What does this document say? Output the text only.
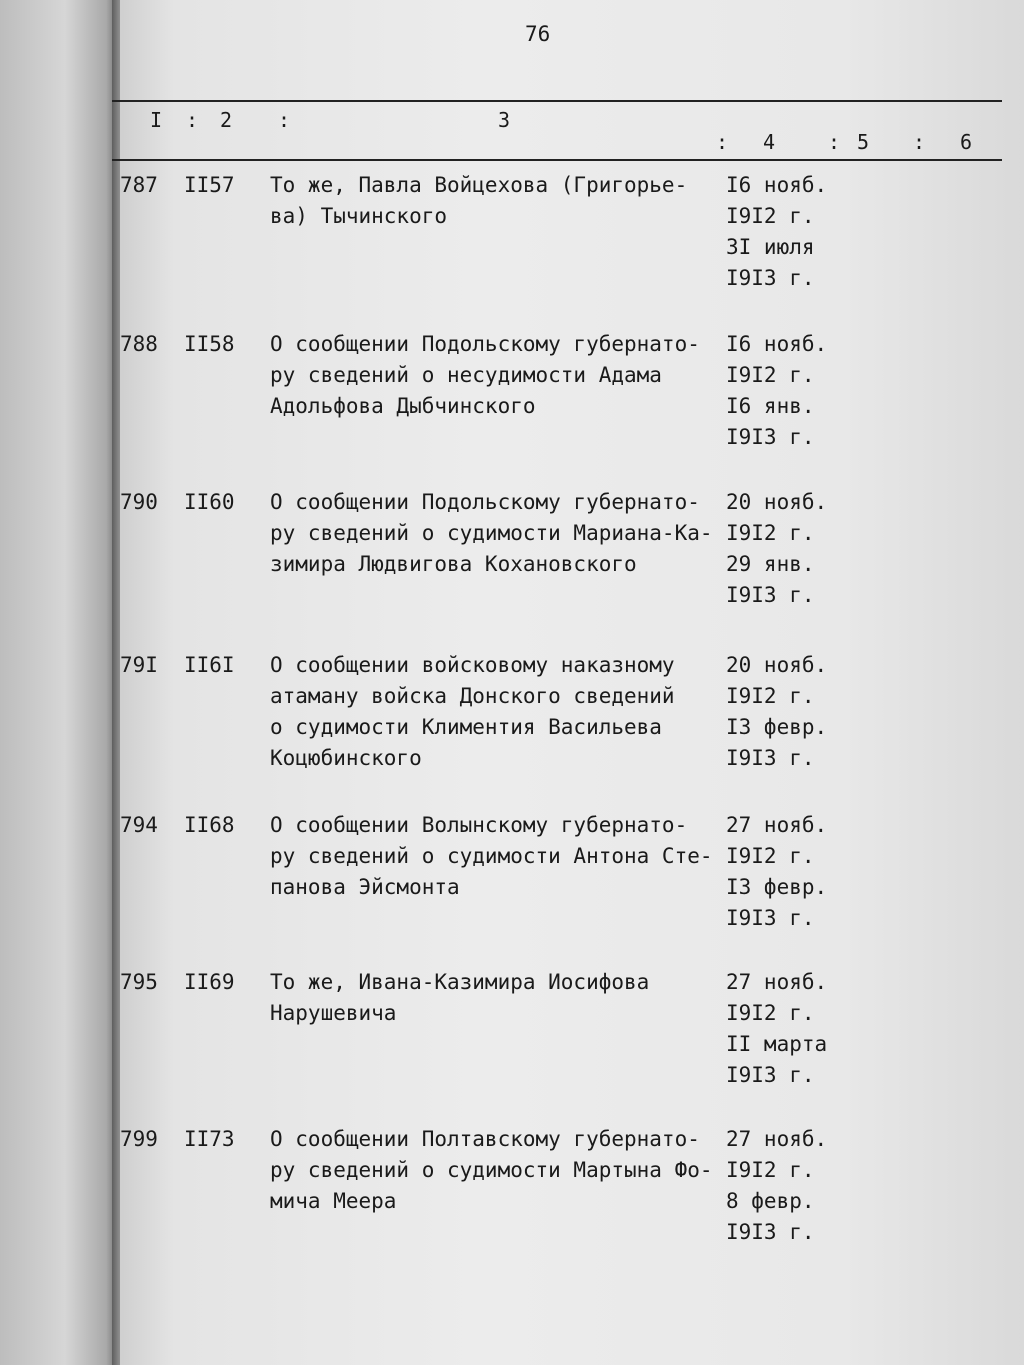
76
I : 2 :	3
: 4	: 5 : 6
787 II57 То же, Павла Войцехова (Григорье-
ва) Тычинского
I6 нояб.
I9I2 г.
3I июля
I9I3 г.
788 II58 О сообщении Подольскому губернато-
ру сведений о несудимости Адама
Адольфова Дыбчинского
I6 нояб.
I9I2 г.
I6 янв.
I9I3 г.
790 II60 О сообщении Подольскому губернато-
ру сведений о судимости Мариана-Ка-
зимира Людвигова Кохановского
20 нояб.
I9I2 г.
29 янв.
I9I3 г.
79I II6I О сообщении войсковому наказному
атаману войска Донского сведений
о судимости Климентия Васильева
Коцюбинского
20 нояб.
I9I2 г.
I3 февр.
I9I3 г.
794 II68 О сообщении Волынскому губернато-
ру сведений о судимости Антона Сте-
панова Эйсмонта
27 нояб.
I9I2 г.
I3 февр.
I9I3 г.
795 II69 То же, Ивана-Казимира Иосифова
Нарушевича
27 нояб.
I9I2 г.
II марта
I9I3 г.
799 II73 О сообщении Полтавскому губернато-
ру сведений о судимости Мартына Фо-
мича Меера
27 нояб.
I9I2 г.
8 февр.
I9I3 г.
